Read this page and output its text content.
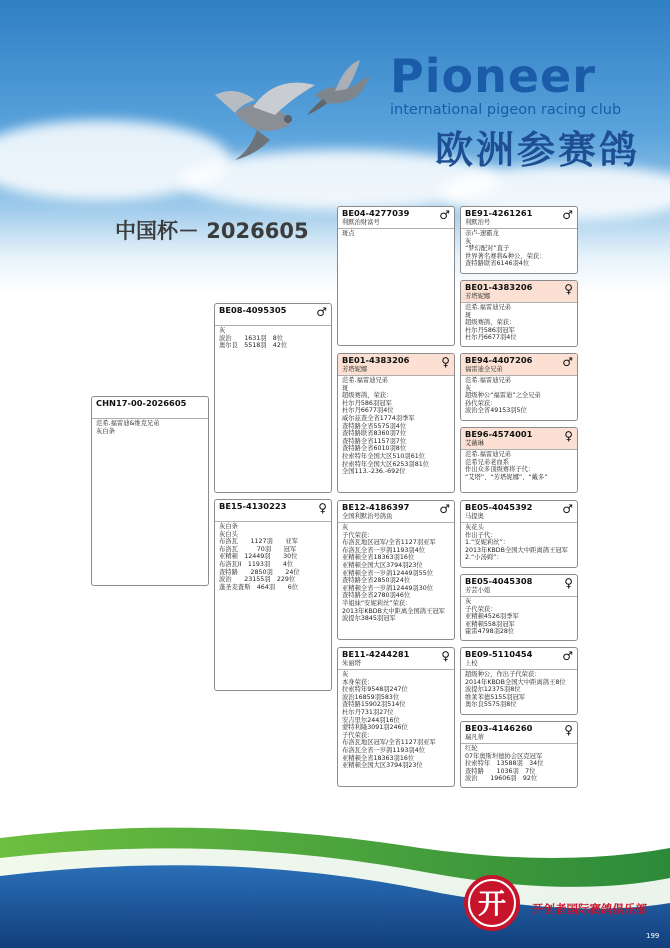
Pioneer
international pigeon racing club
欧洲参赛鸽
中国杯－ 2026605
CHN17-00-2026605
范希.福雷迪&维克兄弟
灰白条
BE08-4095305	♂
灰
波治　　1631羽　8位
奥尔良　5518羽　42位
BE15-4130223	♀
灰白条
灰白头
布洛瓦　　1127羽　　亚军
布洛瓦　　　70羽　　冠军
亚精顿　12449羽　　30位
布洛瓦II　1193羽　　4位
查特路　　2850羽　　24位
波治　　23155羽　229位
蓬圣麦査斯　464羽　　6位
BE04-4277039
利默治财富号
♂
斑点
BE01-4383206
芳塔妮娜
♀
范希.福雷迪兄弟
斑
超级赛鸽，荣获：
杜尔丹586羽冠军
杜尔丹6677羽4位
威尔兹查全省1774羽季军
查特路全省5575羽4位
查特路联省8360羽7位
查特路全省1157羽7位
查特路全省6010羽8位
拉索特年全国大区510羽61位
拉索特年全国大区6253羽81位
全国113.-236.-692位
BE12-4186397
全国利默治号鸽鱼
♂
灰
子代荣获：
布洛瓦地区冠军/全省1127羽亚军
布洛瓦全省一岁鸽1193羽4位
亚精顿全省18363羽16位
亚精顿全国大区3794羽23位
亚精顿全省一岁鸽12449羽55位
查特路全省2850羽24位
亚精顿全省一岁鸽12449羽30位
查特路全省2780羽46位
半姐妹“安妮莉丝”荣获：
2013年KBDB大中距离全国鸽王冠军
波提尔3845羽冠军
BE11-4244281
朱丽塔
♀
灰
本身荣获：
拉索特年9548羽247位
波治16859羽583位
查特路15902羽514位
杜尔丹731羽27位
安吉里尔244羽16位
蒙特利隆3091羽246位
子代荣获：
布洛瓦地区冠军/全省1127羽亚军
布洛瓦全省一岁鸽1193羽4位
亚精顿全省18363羽16位
亚精顿全国大区3794羽23位
BE91-4261261
利默治号
♂
亲卢-速霸龙
灰
“梦幻配对”直子
世界著名赛将&种公，荣获：
查特路联省6146羽4位
BE01-4383206
芳塔妮娜
♀
范希.福雷迪兄弟
斑
超级赛鸽，荣获：
杜尔丹586羽冠军
杜尔丹6677羽4位
BE94-4407206
福雷迪全兄弟
♂
范希.福雷迪兄弟
灰
超级种公“福雷迪”之全兄弟
孙代荣获：
波治全省49153羽5位
BE96-4574001
艾薇琳
♀
范希.福雷迪兄弟
范希兄弟老血系
作出众多顶级赛将子代：
“艾塔”、“芳塔妮娜”、“戴多”
BE05-4045392
马提奥
♂
灰花头
作出子代：
1.“安妮莉丝”：
2013年KBDB全国大中距离鸽王冠军
2.“小汤姆”：
BE05-4045308
芳芸小姐
♀
灰
子代荣获：
亚精顿4526羽季军
亚精顿558羽冠军
霍雷4798羽28位
BE09-5110454
上校
♂
超级种公，作出子代荣获：
2014年KBDB全国大中距离鸽王8位
波提尔12375羽8位
维莱苯德5155羽冠军
奥尔良5575羽8位
BE03-4146260
瑞凡蒂
♀
红轮
07年奥斯坦德协会区克冠军
拉索特年　13588羽　34位
查特路　　1036羽　7位
波治　　19606羽　92位
开 开创者国际赛鸽俱乐部
199
